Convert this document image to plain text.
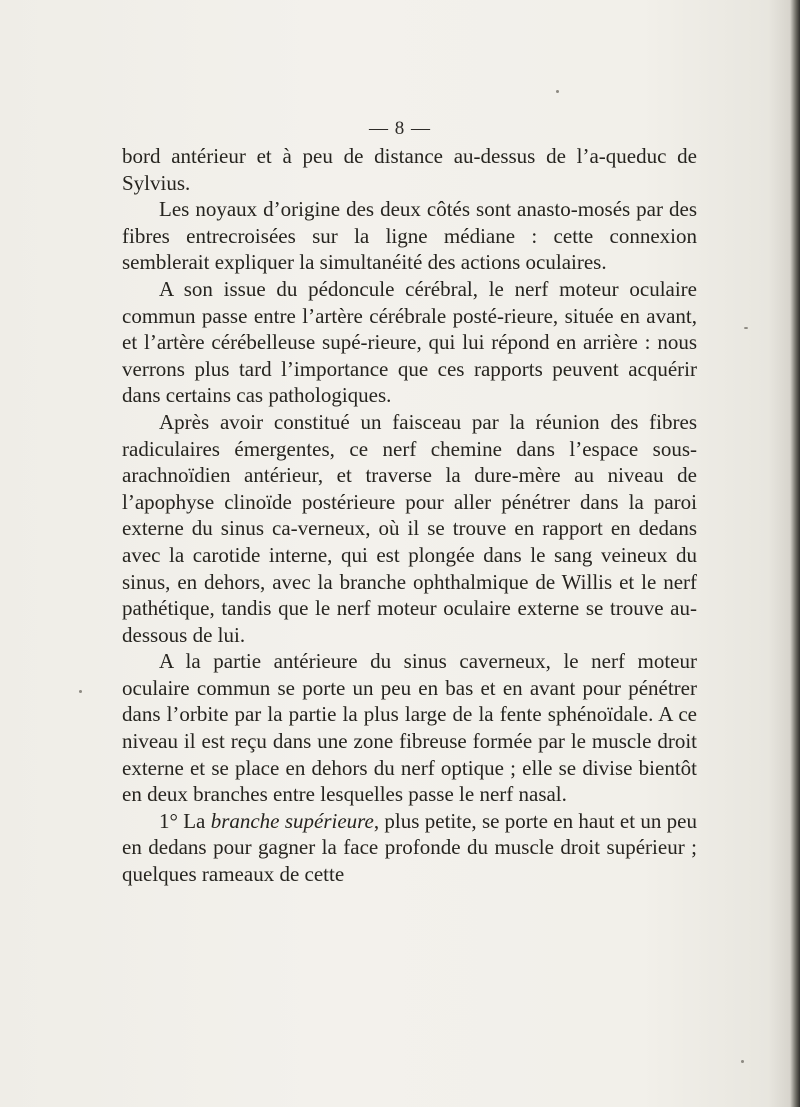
— 8 —

bord antérieur et à peu de distance au-dessus de l’a-queduc de Sylvius.

Les noyaux d’origine des deux côtés sont anasto-mosés par des fibres entrecroisées sur la ligne médiane : cette connexion semblerait expliquer la simultanéité des actions oculaires.

A son issue du pédoncule cérébral, le nerf moteur oculaire commun passe entre l’artère cérébrale posté-rieure, située en avant, et l’artère cérébelleuse supé-rieure, qui lui répond en arrière : nous verrons plus tard l’importance que ces rapports peuvent acquérir dans certains cas pathologiques.

Après avoir constitué un faisceau par la réunion des fibres radiculaires émergentes, ce nerf chemine dans l’espace sous-arachnoïdien antérieur, et traverse la dure-mère au niveau de l’apophyse clinoïde postérieure pour aller pénétrer dans la paroi externe du sinus ca-verneux, où il se trouve en rapport en dedans avec la carotide interne, qui est plongée dans le sang veineux du sinus, en dehors, avec la branche ophthalmique de Willis et le nerf pathétique, tandis que le nerf moteur oculaire externe se trouve au-dessous de lui.

A la partie antérieure du sinus caverneux, le nerf moteur oculaire commun se porte un peu en bas et en avant pour pénétrer dans l’orbite par la partie la plus large de la fente sphénoïdale. A ce niveau il est reçu dans une zone fibreuse formée par le muscle droit externe et se place en dehors du nerf optique ; elle se divise bientôt en deux branches entre lesquelles passe le nerf nasal.

1° La branche supérieure, plus petite, se porte en haut et un peu en dedans pour gagner la face profonde du muscle droit supérieur ; quelques rameaux de cette
